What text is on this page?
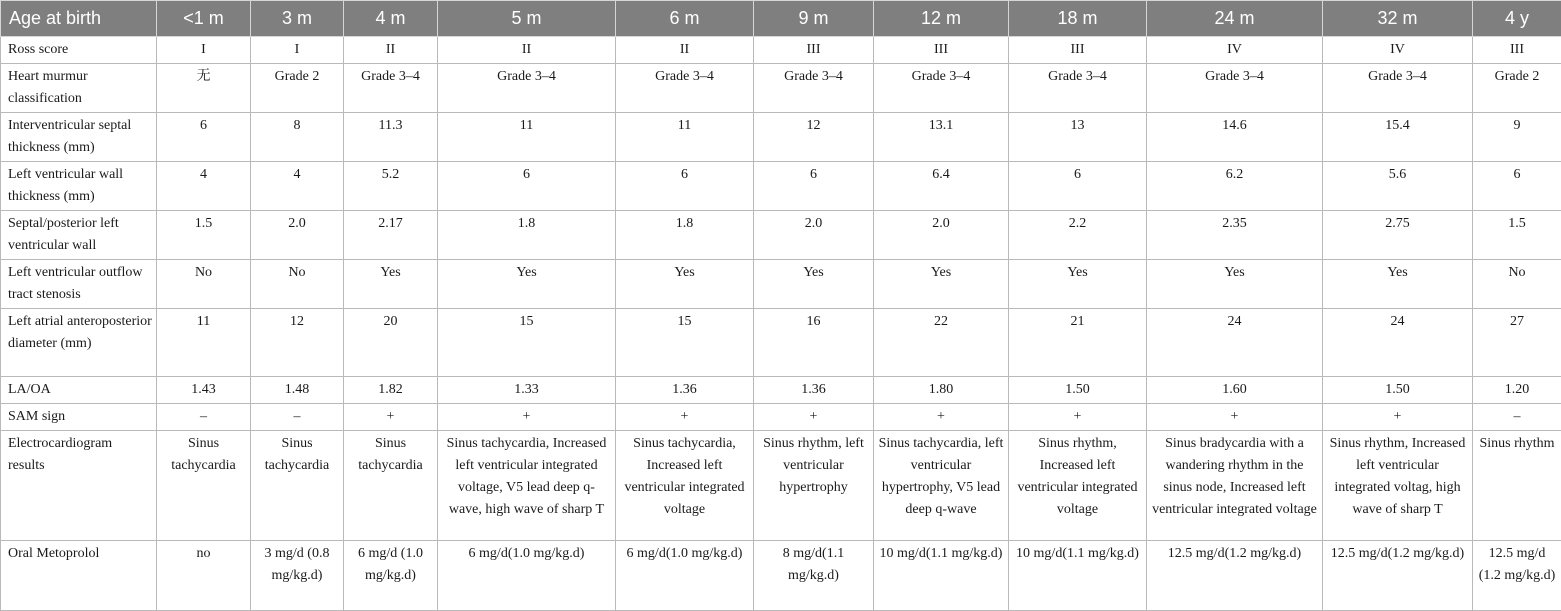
Age at birth	<1 m	3 m	4 m	5 m	6 m	9 m	12 m	18 m	24 m	32 m	4 y
Ross score	I	I	II	II	II	III	III	III	IV	IV	III
Heart murmur classification	无	Grade 2	Grade 3–4	Grade 3–4	Grade 3–4	Grade 3–4	Grade 3–4	Grade 3–4	Grade 3–4	Grade 3–4	Grade 2
Interventricular septal thickness (mm)	6	8	11.3	11	11	12	13.1	13	14.6	15.4	9
Left ventricular wall thickness (mm)	4	4	5.2	6	6	6	6.4	6	6.2	5.6	6
Septal/posterior left ventricular wall	1.5	2.0	2.17	1.8	1.8	2.0	2.0	2.2	2.35	2.75	1.5
Left ventricular outflow tract stenosis	No	No	Yes	Yes	Yes	Yes	Yes	Yes	Yes	Yes	No
Left atrial anteroposterior diameter (mm)	11	12	20	15	15	16	22	21	24	24	27
LA/OA	1.43	1.48	1.82	1.33	1.36	1.36	1.80	1.50	1.60	1.50	1.20
SAM sign	–	–	+	+	+	+	+	+	+	+	–
Electrocardiogram results	Sinus tachycardia	Sinus tachycardia	Sinus tachycardia	Sinus tachycardia, Increased left ventricular integrated voltage, V5 lead deep q-wave, high wave of sharp T	Sinus tachycardia, Increased left ventricular integrated voltage	Sinus rhythm, left ventricular hypertrophy	Sinus tachycardia, left ventricular hypertrophy, V5 lead deep q-wave	Sinus rhythm, Increased left ventricular integrated voltage	Sinus bradycardia with a wandering rhythm in the sinus node, Increased left ventricular integrated voltage	Sinus rhythm, Increased left ventricular integrated voltag, high wave of sharp T	Sinus rhythm
Oral Metoprolol	no	3 mg/d (0.8 mg/kg.d)	6 mg/d (1.0 mg/kg.d)	6 mg/d(1.0 mg/kg.d)	6 mg/d(1.0 mg/kg.d)	8 mg/d(1.1 mg/kg.d)	10 mg/d(1.1 mg/kg.d)	10 mg/d(1.1 mg/kg.d)	12.5 mg/d(1.2 mg/kg.d)	12.5 mg/d(1.2 mg/kg.d)	12.5 mg/d (1.2 mg/kg.d)
